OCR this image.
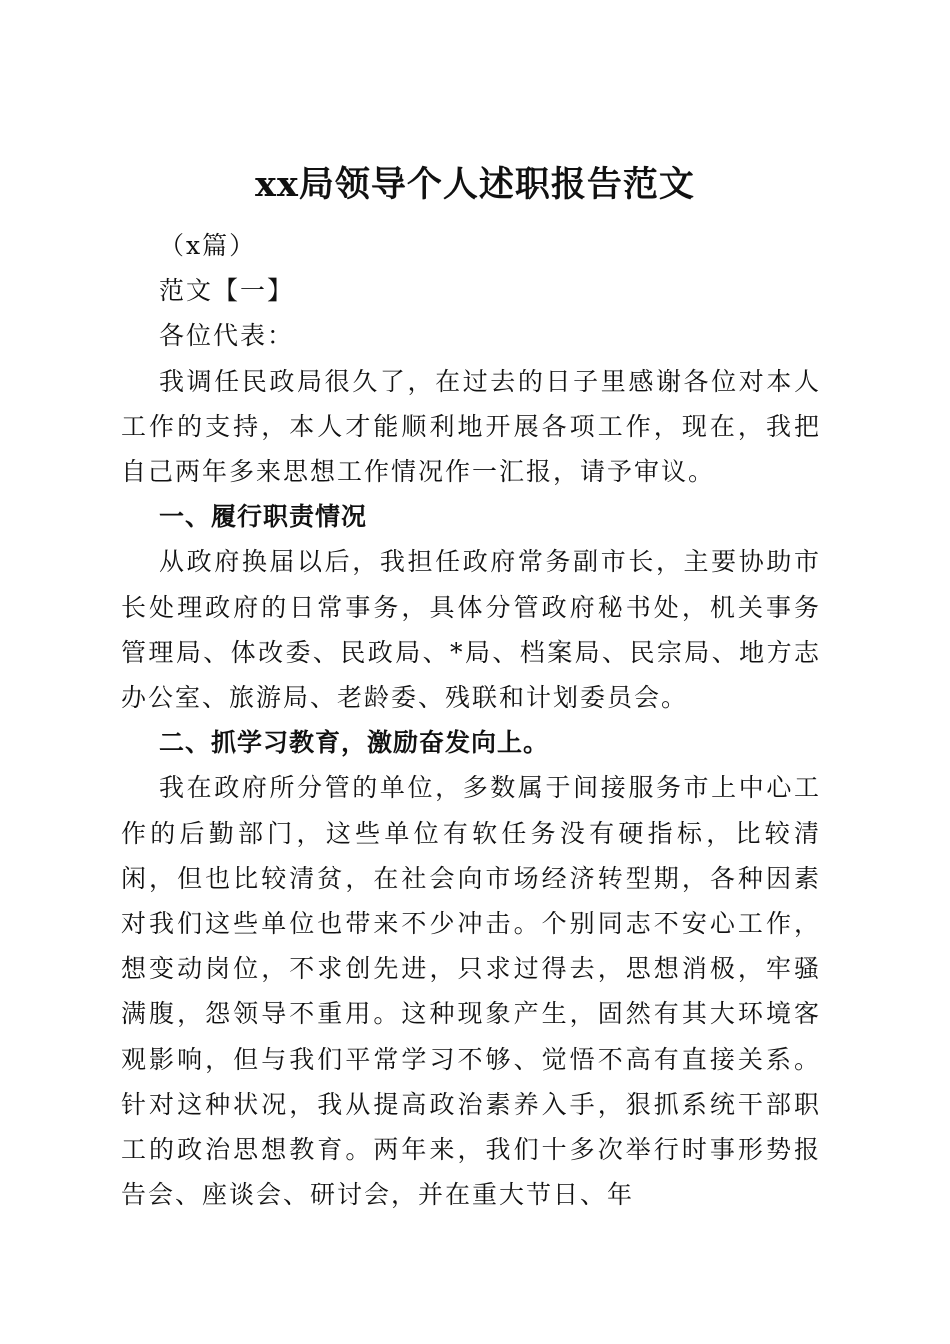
xx局领导个人述职报告范文

（x篇）

范文【一】

各位代表：

我调任民政局很久了，在过去的日子里感谢各位对本人工作的支持，本人才能顺利地开展各项工作，现在，我把自己两年多来思想工作情况作一汇报，请予审议。

一、履行职责情况

从政府换届以后，我担任政府常务副市长，主要协助市长处理政府的日常事务，具体分管政府秘书处，机关事务管理局、体改委、民政局、*局、档案局、民宗局、地方志办公室、旅游局、老龄委、残联和计划委员会。

二、抓学习教育，激励奋发向上。

我在政府所分管的单位，多数属于间接服务市上中心工作的后勤部门，这些单位有软任务没有硬指标，比较清闲，但也比较清贫，在社会向市场经济转型期，各种因素对我们这些单位也带来不少冲击。个别同志不安心工作，想变动岗位，不求创先进，只求过得去，思想消极，牢骚满腹，怨领导不重用。这种现象产生，固然有其大环境客观影响，但与我们平常学习不够、觉悟不高有直接关系。针对这种状况，我从提高政治素养入手，狠抓系统干部职工的政治思想教育。两年来，我们十多次举行时事形势报告会、座谈会、研讨会，并在重大节日、年
